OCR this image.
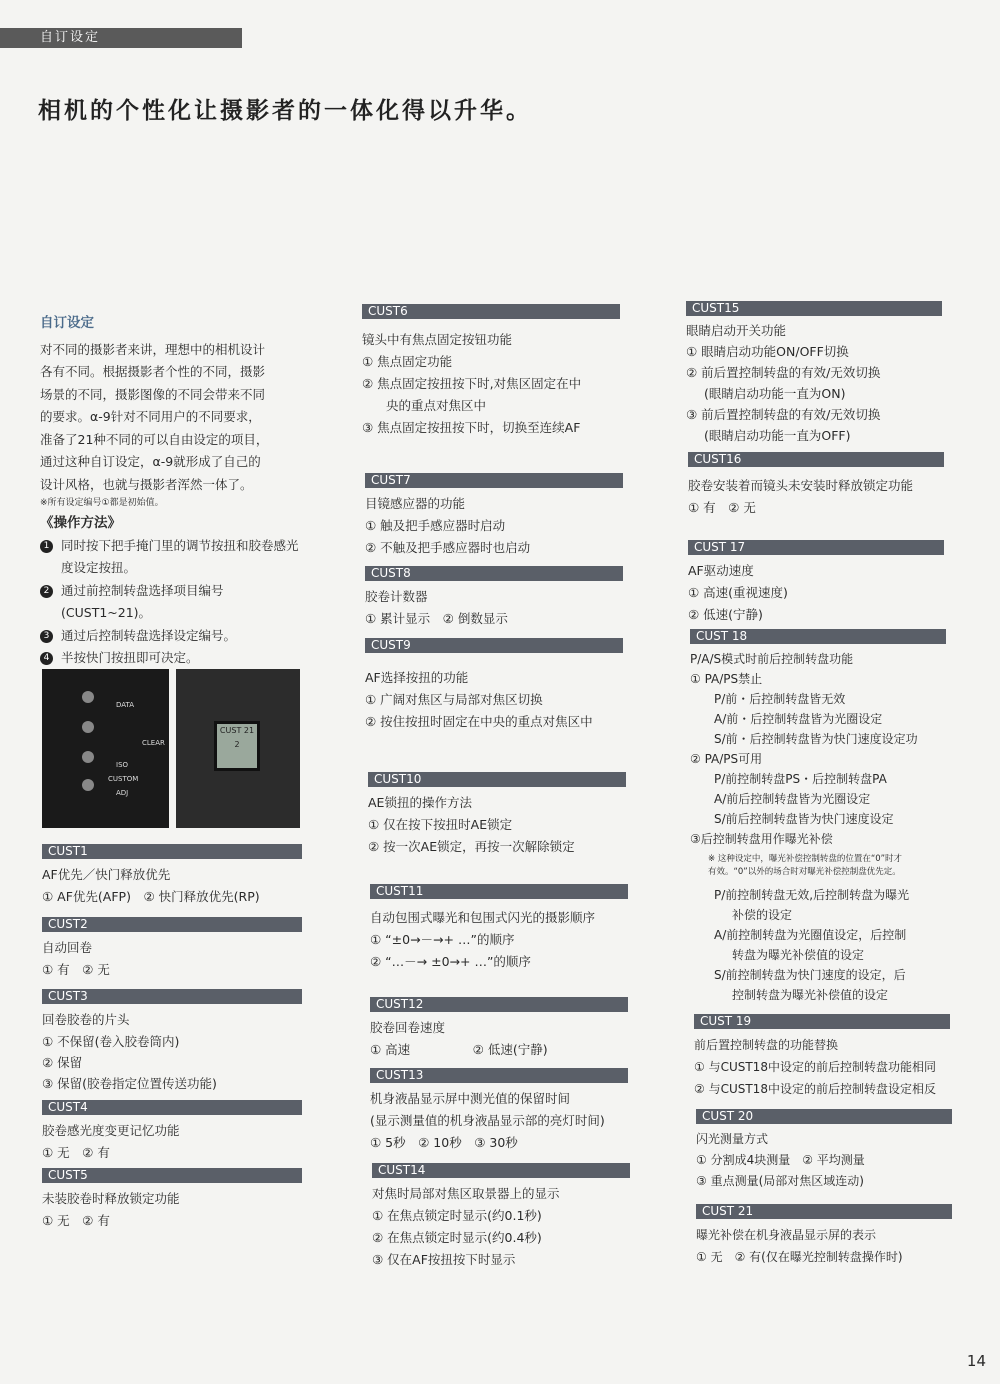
自订设定
相机的个性化让摄影者的一体化得以升华。
自订设定
对不同的摄影者来讲，理想中的相机设计
各有不同。根据摄影者个性的不同，摄影
场景的不同，摄影图像的不同会带来不同
的要求。α-9针对不同用户的不同要求，
准备了21种不同的可以自由设定的项目，
通过这种自订设定，α-9就形成了自己的
设计风格，也就与摄影者浑然一体了。
※所有设定编号①都是初始值。
《操作方法》
1 同时按下把手掩门里的调节按扭和胶卷感光度设定按扭。
2 通过前控制转盘选择项目编号(CUST1~21)。
3 通过后控制转盘选择设定编号。
4 半按快门按扭即可决定。
DATA
CLEAR
ISO
CUSTOM
ADJ
CUST 21 2
CUST1
AF优先／快门释放优先
① AF优先(AFP)　② 快门释放优先(RP)
CUST2
自动回卷
① 有　② 无
CUST3
回卷胶卷的片头
① 不保留(卷入胶卷筒内)
② 保留
③ 保留(胶卷指定位置传送功能)
CUST4
胶卷感光度变更记忆功能
① 无　② 有
CUST5
未装胶卷时释放锁定功能
① 无　② 有
CUST6
镜头中有焦点固定按钮功能
① 焦点固定功能
② 焦点固定按扭按下时,对焦区固定在中
央的重点对焦区中
③ 焦点固定按扭按下时，切换至连续AF
CUST7
目镜感应器的功能
① 触及把手感应器时启动
② 不触及把手感应器时也启动
CUST8
胶卷计数器
① 累计显示　② 倒数显示
CUST9
AF选择按扭的功能
① 广阔对焦区与局部对焦区切换
② 按住按扭时固定在中央的重点对焦区中
CUST10
AE锁扭的操作方法
① 仅在按下按扭时AE锁定
② 按一次AE锁定，再按一次解除锁定
CUST11
自动包围式曝光和包围式闪光的摄影顺序
① “±0→－→+ …”的顺序
② “…－→ ±0→+ …”的顺序
CUST12
胶卷回卷速度
① 高速　　　　　② 低速(宁静)
CUST13
机身液晶显示屏中测光值的保留时间
(显示测量值的机身液晶显示部的亮灯时间)
① 5秒　② 10秒　③ 30秒
CUST14
对焦时局部对焦区取景器上的显示
① 在焦点锁定时显示(约0.1秒)
② 在焦点锁定时显示(约0.4秒)
③ 仅在AF按扭按下时显示
CUST15
眼睛启动开关功能
① 眼睛启动功能ON/OFF切换
② 前后置控制转盘的有效/无效切换
(眼睛启动功能一直为ON)
③ 前后置控制转盘的有效/无效切换
(眼睛启动功能一直为OFF)
CUST16
胶卷安装着而镜头未安装时释放锁定功能
① 有　② 无
CUST 17
AF驱动速度
① 高速(重视速度)
② 低速(宁静)
CUST 18
P/A/S模式时前后控制转盘功能
① PA/PS禁止
P/前・后控制转盘皆无效
A/前・后控制转盘皆为光圈设定
S/前・后控制转盘皆为快门速度设定功
② PA/PS可用
P/前控制转盘PS・后控制转盘PA
A/前后控制转盘皆为光圈设定
S/前后控制转盘皆为快门速度设定
③后控制转盘用作曝光补偿
※ 这种设定中，曝光补偿控制转盘的位置在“0”时才
有效。“0”以外的场合时对曝光补偿控制盘优先定。
P/前控制转盘无效,后控制转盘为曝光
补偿的设定
A/前控制转盘为光圈值设定，后控制
转盘为曝光补偿值的设定
S/前控制转盘为快门速度的设定，后
控制转盘为曝光补偿值的设定
CUST 19
前后置控制转盘的功能替换
① 与CUST18中设定的前后控制转盘功能相同
② 与CUST18中设定的前后控制转盘设定相反
CUST 20
闪光测量方式
① 分割成4块测量　② 平均测量
③ 重点测量(局部对焦区域连动)
CUST 21
曝光补偿在机身液晶显示屏的表示
① 无　② 有(仅在曝光控制转盘操作时)
14
